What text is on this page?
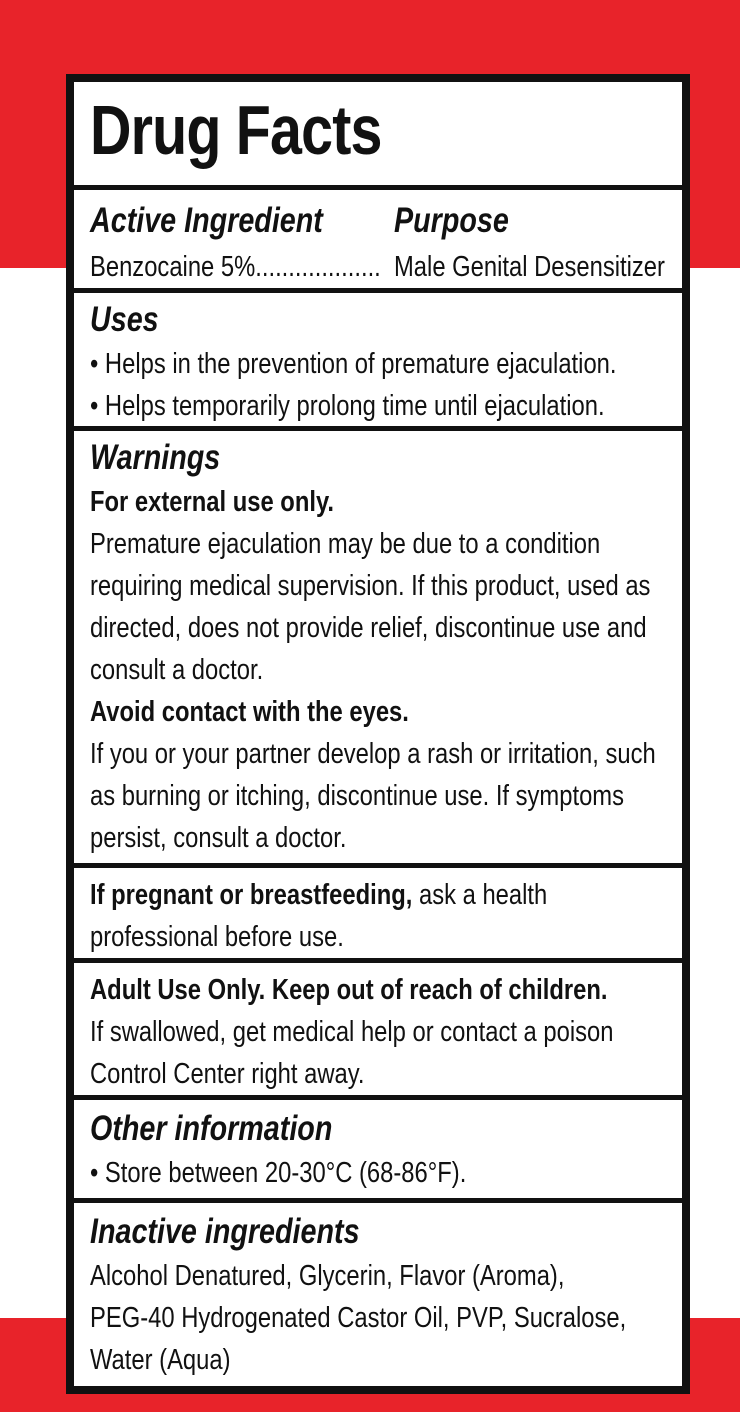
Drug Facts
Active Ingredient Purpose
Benzocaine 5%................... Male Genital Desensitizer
Uses
• Helps in the prevention of premature ejaculation.
• Helps temporarily prolong time until ejaculation.
Warnings
For external use only.
Premature ejaculation may be due to a condition
requiring medical supervision. If this product, used as
directed, does not provide relief, discontinue use and
consult a doctor.
Avoid contact with the eyes.
If you or your partner develop a rash or irritation, such
as burning or itching, discontinue use. If symptoms
persist, consult a doctor.
If pregnant or breastfeeding, ask a health
professional before use.
Adult Use Only. Keep out of reach of children.
If swallowed, get medical help or contact a poison
Control Center right away.
Other information
• Store between 20-30°C (68-86°F).
Inactive ingredients
Alcohol Denatured, Glycerin, Flavor (Aroma),
PEG-40 Hydrogenated Castor Oil, PVP, Sucralose,
Water (Aqua)
